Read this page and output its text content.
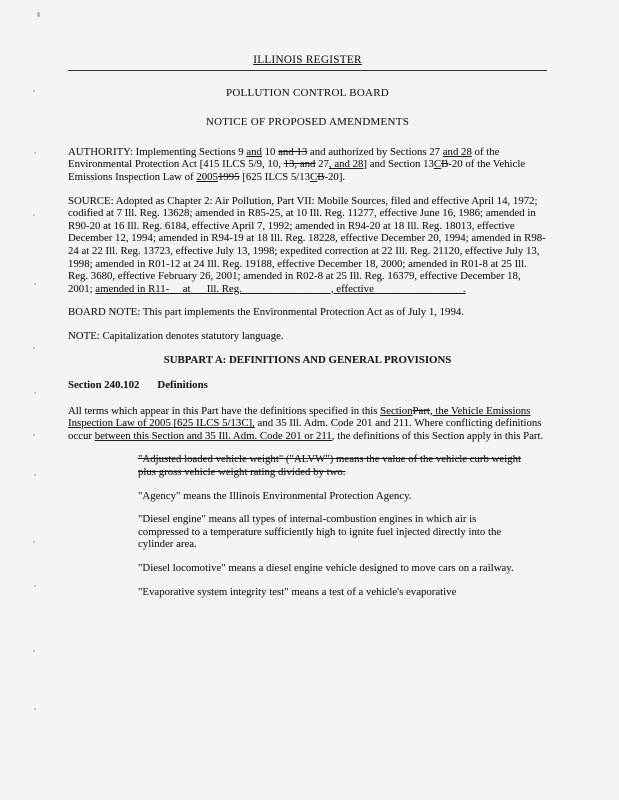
ILLINOIS REGISTER
POLLUTION CONTROL BOARD
NOTICE OF PROPOSED AMENDMENTS
AUTHORITY: Implementing Sections 9 and 10 and 13 and authorized by Sections 27 and 28 of the Environmental Protection Act [415 ILCS 5/9, 10, 13, and 27, and 28] and Section 13CB-20 of the Vehicle Emissions Inspection Law of 20051995 [625 ILCS 5/13CB-20].
SOURCE: Adopted as Chapter 2: Air Pollution, Part VII: Mobile Sources, filed and effective April 14, 1972; codified at 7 Ill. Reg. 13628; amended in R85-25, at 10 Ill. Reg. 11277, effective June 16, 1986; amended in R90-20 at 16 Ill. Reg. 6184, effective April 7, 1992; amended in R94-20 at 18 Ill. Reg. 18013, effective December 12, 1994; amended in R94-19 at 18 Ill. Reg. 18228, effective December 20, 1994; amended in R98-24 at 22 Ill. Reg. 13723, effective July 13, 1998; expedited correction at 22 Ill. Reg. 21120, effective July 13, 1998; amended in R01-12 at 24 Ill. Reg. 19188, effective December 18, 2000; amended in R01-8 at 25 Ill. Reg. 3680, effective February 26, 2001; amended in R02-8 at 25 Ill. Reg. 16379, effective December 18, 2001; amended in R11-__ at __ Ill. Reg. ________________, effective ________________.
BOARD NOTE: This part implements the Environmental Protection Act as of July 1, 1994.
NOTE: Capitalization denotes statutory language.
SUBPART A: DEFINITIONS AND GENERAL PROVISIONS
Section 240.102 Definitions
All terms which appear in this Part have the definitions specified in this SectionPart, the Vehicle Emissions Inspection Law of 2005 [625 ILCS 5/13C], and 35 Ill. Adm. Code 201 and 211. Where conflicting definitions occur between this Section and 35 Ill. Adm. Code 201 or 211, the definitions of this Section apply in this Part.
"Adjusted loaded vehicle weight" ("ALVW") means the value of the vehicle curb weight plus gross vehicle weight rating divided by two.
"Agency" means the Illinois Environmental Protection Agency.
"Diesel engine" means all types of internal-combustion engines in which air is compressed to a temperature sufficiently high to ignite fuel injected directly into the cylinder area.
"Diesel locomotive" means a diesel engine vehicle designed to move cars on a railway.
"Evaporative system integrity test" means a test of a vehicle's evaporative
